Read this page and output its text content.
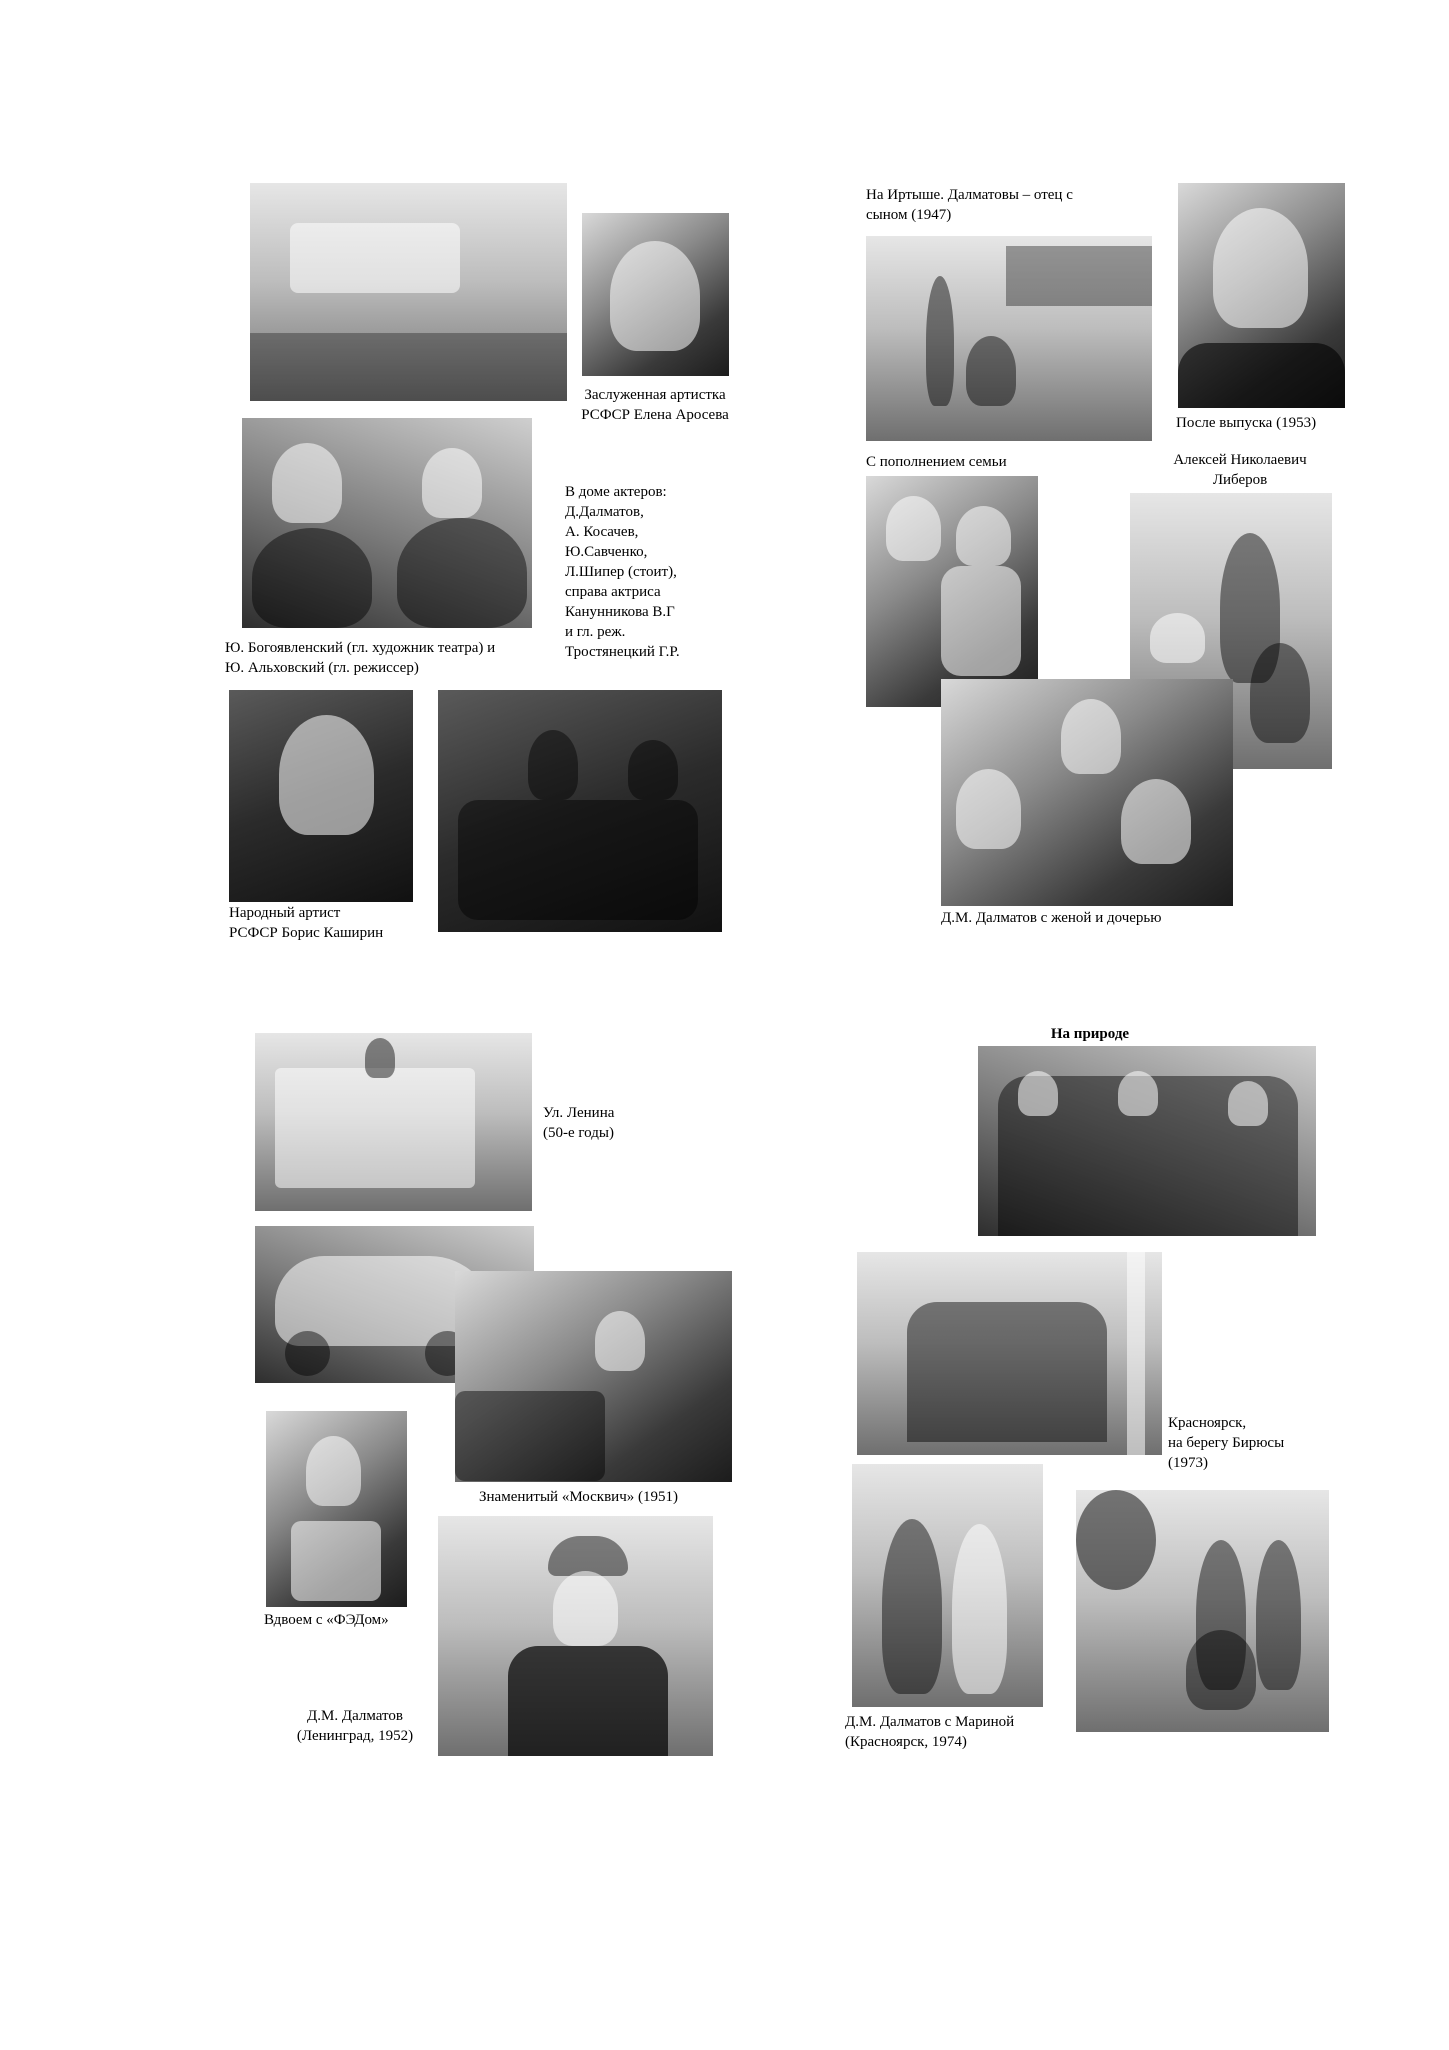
Заслуженная артистка
РСФСР Елена Аросева
В доме актеров:
Д.Далматов,
А. Косачев,
Ю.Савченко,
Л.Шипер (стоит),
справа актриса
Канунникова В.Г
и гл. реж.
Тростянецкий Г.Р.
Ю. Богоявленский (гл. художник театра) и
Ю. Альховский (гл. режиссер)
Народный артист
РСФСР Борис Каширин
На Иртыше. Далматовы – отец с
сыном (1947)
После выпуска (1953)
С пополнением семьи	Алексей Николаевич
Либеров
Д.М. Далматов с женой и дочерью
Ул. Ленина
(50-е годы)
Знаменитый «Москвич» (1951)
Вдвоем с «ФЭДом»
Д.М. Далматов
(Ленинград, 1952)
На природе
Красноярск,
на берегу Бирюсы
(1973)
Д.М. Далматов с Мариной
(Красноярск, 1974)
